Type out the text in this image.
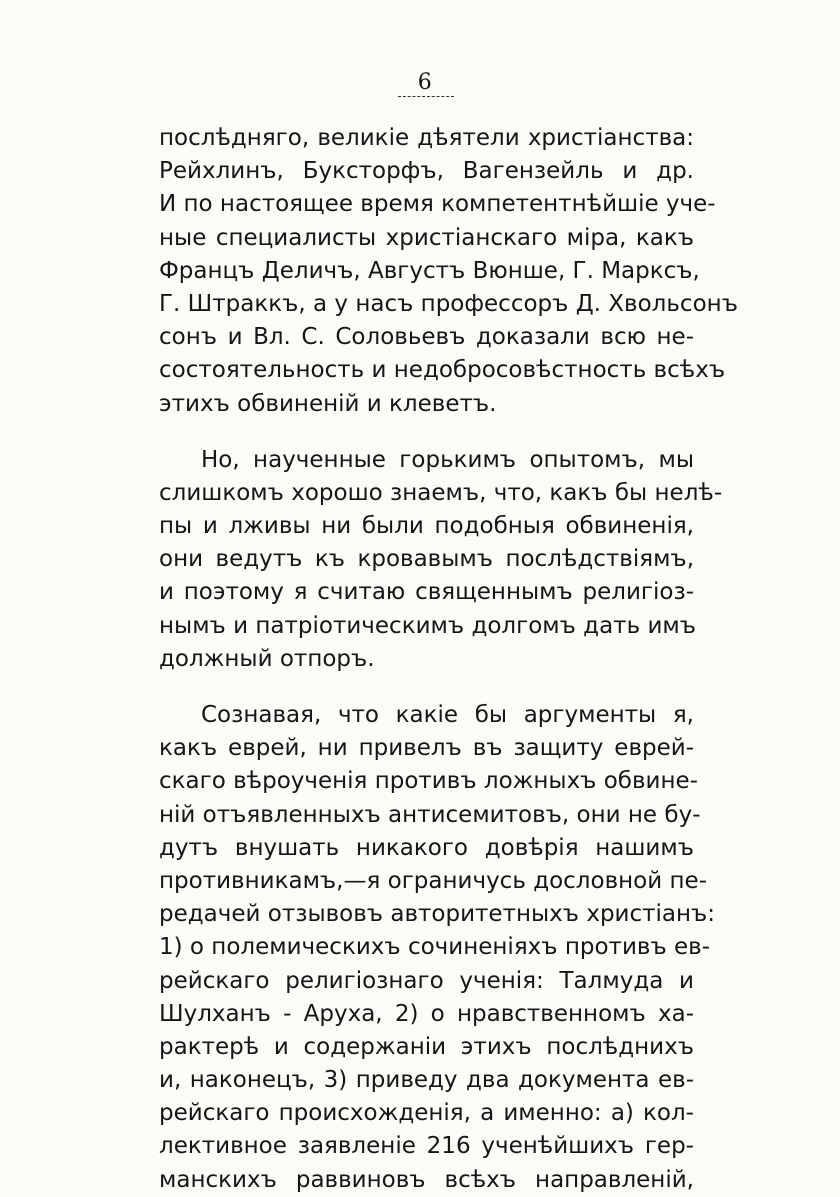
6
послѣдняго, великіе дѣятели христіанства:
Рейхлинъ, Буксторфъ, Вагензейль и др.
И по настоящее время компетентнѣйшіе уче-
ные специалисты христіанскаго міра, какъ
Францъ Деличъ, Августъ Вюнше, Г. Марксъ,
Г. Штраккъ, а у насъ профессоръ Д. Хвольсонъ
сонъ и Вл. С. Соловьевъ доказали всю не-
состоятельность и недобросовѣстность всѣхъ
этихъ обвиненій и клеветъ.
Но, наученные горькимъ опытомъ, мы
слишкомъ хорошо знаемъ, что, какъ бы нелѣ-
пы и лживы ни были подобныя обвиненія,
они ведутъ къ кровавымъ послѣдствіямъ,
и поэтому я считаю священнымъ религіоз-
нымъ и патріотическимъ долгомъ дать имъ
должный отпоръ.
Сознавая, что какіе бы аргументы я,
какъ еврей, ни привелъ въ защиту еврей-
скаго вѣроученія противъ ложныхъ обвине-
ній отъявленныхъ антисемитовъ, они не бу-
дутъ внушать никакого довѣрія нашимъ
противникамъ,—я ограничусь дословной пе-
редачей отзывовъ авторитетныхъ христіанъ:
1) о полемическихъ сочиненіяхъ противъ ев-
рейскаго религіознаго ученія: Талмуда и
Шулханъ - Аруха, 2) о нравственномъ ха-
рактерѣ и содержаніи этихъ послѣднихъ
и, наконецъ, 3) приведу два документа ев-
рейскаго происхожденія, а именно: а) кол-
лективное заявленіе 216 ученѣйшихъ гер-
манскихъ раввиновъ всѣхъ направленій,
